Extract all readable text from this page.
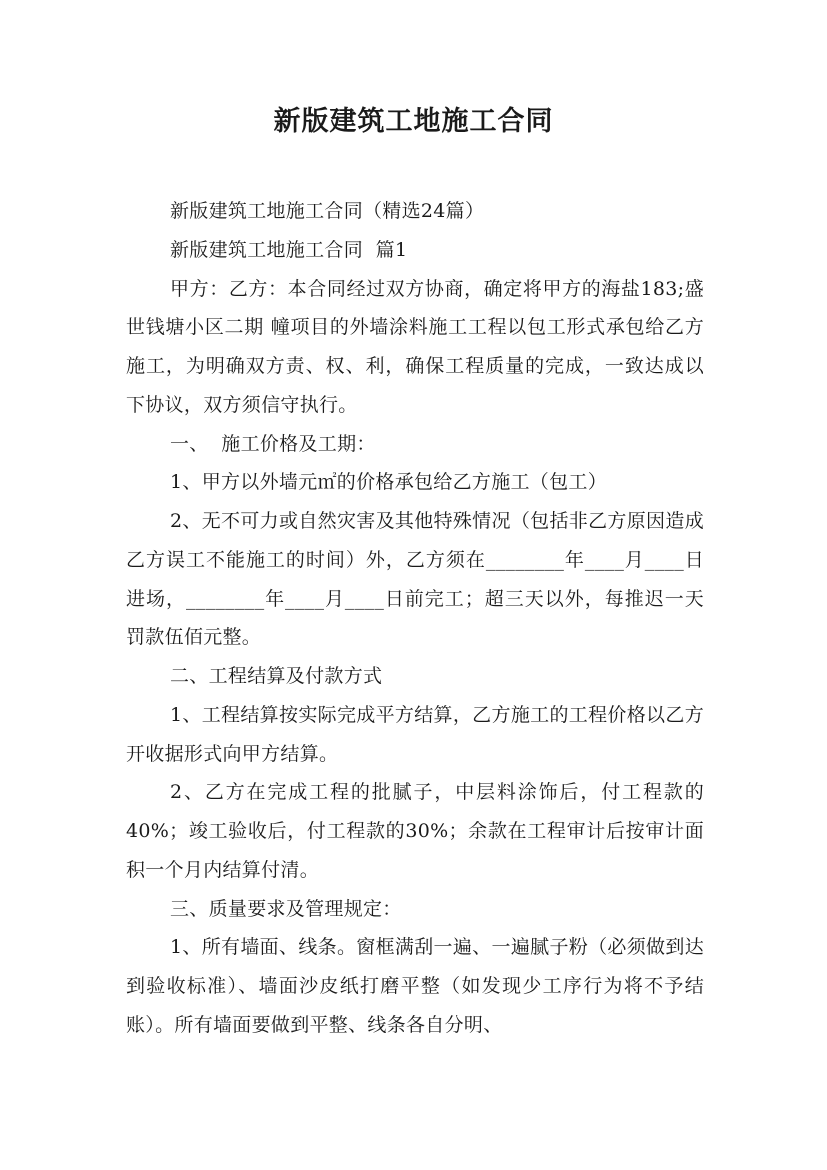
新版建筑工地施工合同

新版建筑工地施工合同（精选24篇）

新版建筑工地施工合同  篇1

甲方：乙方：本合同经过双方协商，确定将甲方的海盐183;盛世钱塘小区二期 幢项目的外墙涂料施工工程以包工形式承包给乙方施工，为明确双方责、权、利，确保工程质量的完成，一致达成以下协议，双方须信守执行。

一、  施工价格及工期：

1、甲方以外墙元㎡的价格承包给乙方施工（包工）

2、无不可力或自然灾害及其他特殊情况（包括非乙方原因造成乙方误工不能施工的时间）外，乙方须在________年____月____日进场，________年____月____日前完工；超三天以外，每推迟一天罚款伍佰元整。

二、工程结算及付款方式

1、工程结算按实际完成平方结算，乙方施工的工程价格以乙方开收据形式向甲方结算。

2、乙方在完成工程的批腻子，中层料涂饰后，付工程款的40%；竣工验收后，付工程款的30%；余款在工程审计后按审计面积一个月内结算付清。

三、质量要求及管理规定：

1、所有墙面、线条。窗框满刮一遍、一遍腻子粉（必须做到达到验收标准）、墙面沙皮纸打磨平整（如发现少工序行为将不予结账）。所有墙面要做到平整、线条各自分明、
